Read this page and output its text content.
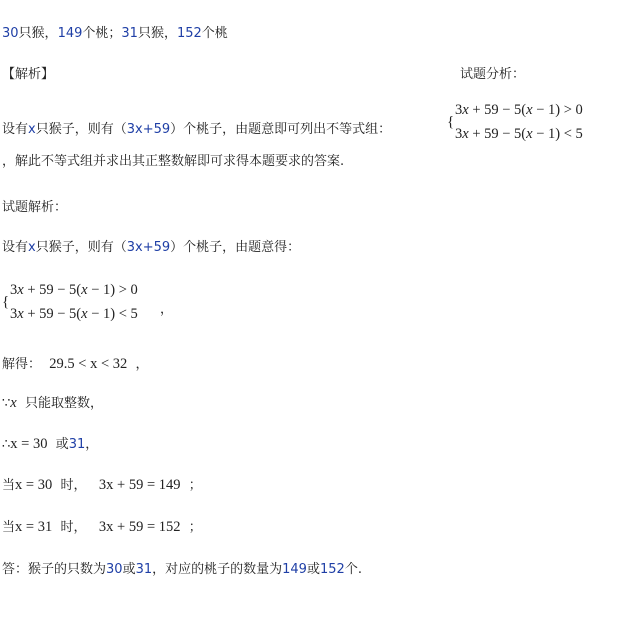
30只猴，149个桃；31只猴，152个桃
【解析】	试题分析：
设有x只猴子，则有（3x+59）个桃子，由题意即可列出不等式组：	{
3x + 59 − 5(x − 1) > 0
3x + 59 − 5(x − 1) < 5
，解此不等式组并求出其正整数解即可求得本题要求的答案.
试题解析：
设有x只猴子，则有（3x+59）个桃子，由题意得：
{
3x + 59 − 5(x − 1) > 0
3x + 59 − 5(x − 1) < 5 ，
解得： 29.5 < x < 32 ，
∵x 只能取整数，
∴x = 30 或31，
当x = 30 时， 3x + 59 = 149 ；
当x = 31 时， 3x + 59 = 152 ；
答：猴子的只数为30或31，对应的桃子的数量为149或152个.
